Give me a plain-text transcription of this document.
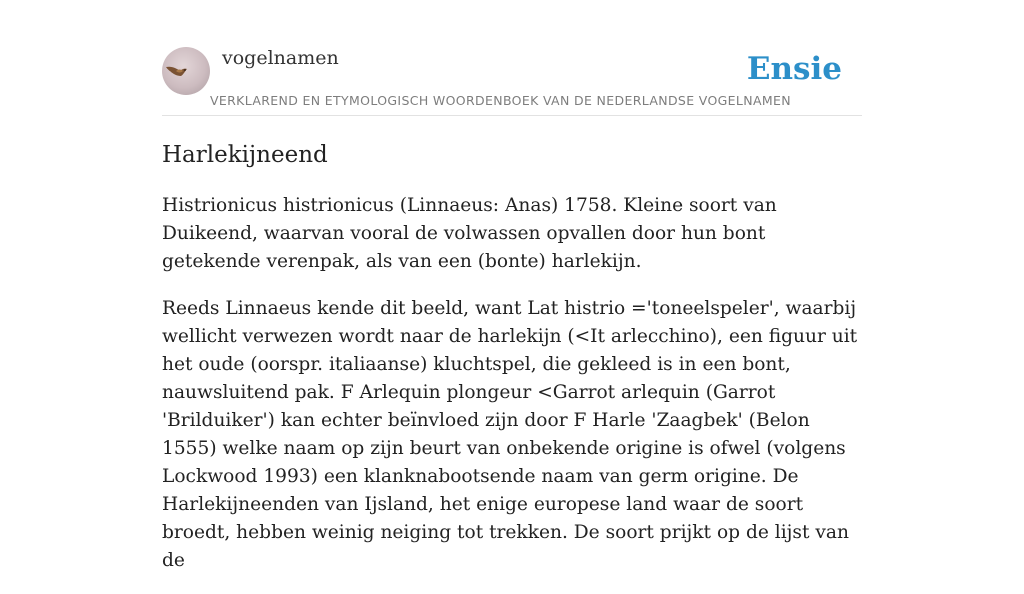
vogelnamen
VERKLAREND EN ETYMOLOGISCH WOORDENBOEK VAN DE NEDERLANDSE VOGELNAMEN
Ensie
Harlekijneend

Histrionicus histrionicus (Linnaeus: Anas) 1758. Kleine soort van Duikeend, waarvan vooral de volwassen opvallen door hun bont getekende verenpak, als van een (bonte) harlekijn.

Reeds Linnaeus kende dit beeld, want Lat histrio ='toneelspeler', waarbij wellicht verwezen wordt naar de harlekijn (<It arlecchino), een figuur uit het oude (oorspr. italiaanse) kluchtspel, die gekleed is in een bont, nauwsluitend pak. F Arlequin plongeur <Garrot arlequin (Garrot 'Brilduiker') kan echter beïnvloed zijn door F Harle 'Zaagbek' (Belon 1555) welke naam op zijn beurt van onbekende origine is ofwel (volgens Lockwood 1993) een klanknabootsende naam van germ origine. De Harlekijneenden van Ijsland, het enige europese land waar de soort broedt, hebben weinig neiging tot trekken. De soort prijkt op de lijst van de
